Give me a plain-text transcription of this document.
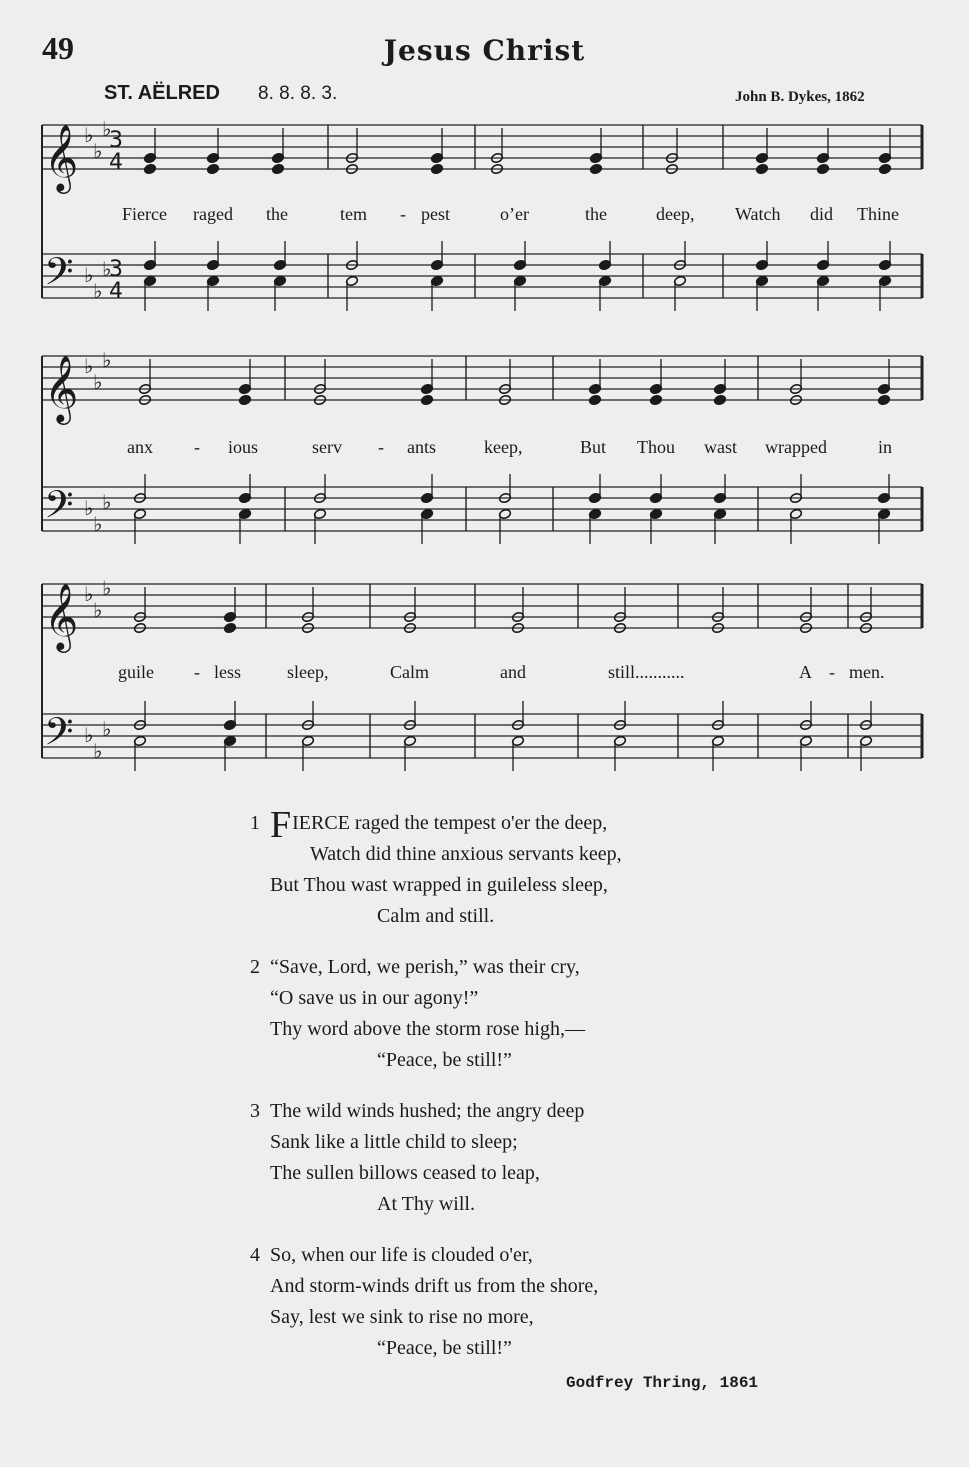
49	Jesus Christ
ST. AËLRED 8. 8. 8. 3.	John B. Dykes, 1862
𝄞
𝄢
♭
♭
♭
♭
♭
♭
3
4
3
4
𝄞
𝄢
♭
♭
♭
♭
♭
♭
𝄞
𝄢
♭
♭
♭
♭
♭
♭
Fierce raged the	tem - pest	o’er	the	deep, Watch did Thine
anx - ious	serv - ants	keep,	But Thou wast wrapped	in
guile - less	sleep,	Calm	and	still...........	A - men.
1 FIERCE raged the tempest o'er the deep,
Watch did thine anxious servants keep,
But Thou wast wrapped in guileless sleep,
Calm and still.
2 “Save, Lord, we perish,” was their cry,
“O save us in our agony!”
Thy word above the storm rose high,—
“Peace, be still!”
3 The wild winds hushed; the angry deep
Sank like a little child to sleep;
The sullen billows ceased to leap,
At Thy will.
4 So, when our life is clouded o'er,
And storm-winds drift us from the shore,
Say, lest we sink to rise no more,
“Peace, be still!”
Godfrey Thring, 1861
